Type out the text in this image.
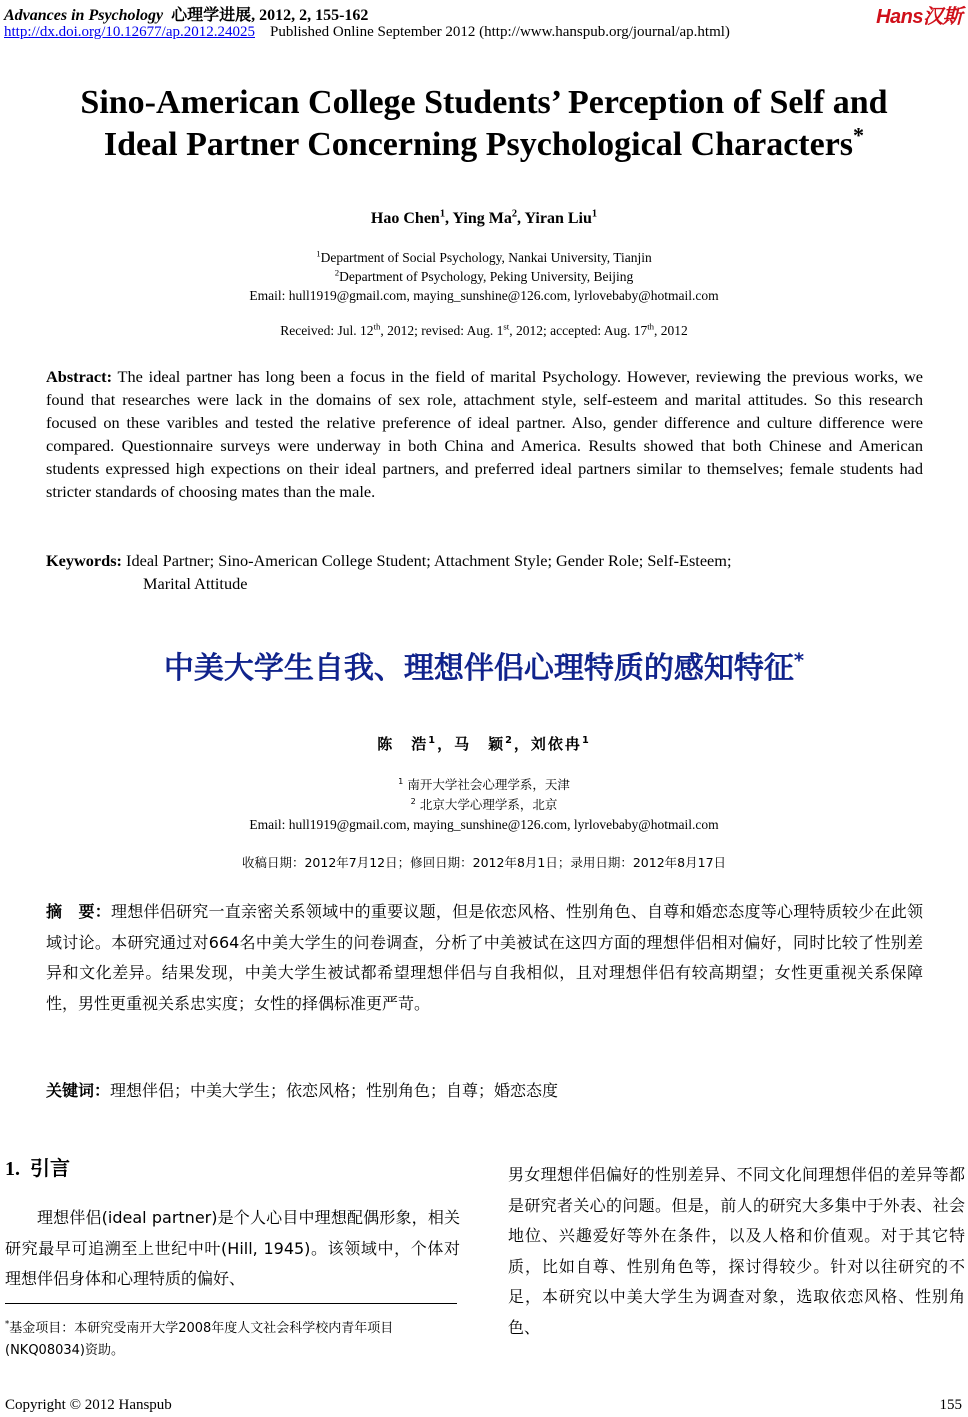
Advances in Psychology 心理学进展, 2012, 2, 155-162	Hans汉斯
http://dx.doi.org/10.12677/ap.2012.24025 Published Online September 2012 (http://www.hanspub.org/journal/ap.html)
Sino-American College Students’ Perception of Self and
Ideal Partner Concerning Psychological Characters*
Hao Chen$^1$, Ying Ma$^2$, Yiran Liu$^1$
$^1$Department of Social Psychology, Nankai University, Tianjin
$^2$Department of Psychology, Peking University, Beijing
Email: hull1919@gmail.com, maying_sunshine@126.com, lyrlovebaby@hotmail.com
Received: Jul. 12th, 2012; revised: Aug. 1st, 2012; accepted: Aug. 17th, 2012
Abstract: The ideal partner has long been a focus in the field of marital Psychology. However, reviewing the previous works, we found that researches were lack in the domains of sex role, attachment style, self-esteem and marital attitudes. So this research focused on these varibles and tested the relative preference of ideal partner. Also, gender difference and culture difference were compared. Questionnaire surveys were underway in both China and America. Results showed that both Chinese and American students expressed high expections on their ideal partners, and preferred ideal partners similar to themselves; female students had stricter standards of choosing mates than the male.
Keywords: Ideal Partner; Sino-American College Student; Attachment Style; Gender Role; Self-Esteem;
Marital Attitude
中美大学生自我、理想伴侣心理特质的感知特征*
陈　浩$^1$，马　颖$^2$，刘依冉$^1$
$^1$ 南开大学社会心理学系，天津
$^2$ 北京大学心理学系，北京
Email: hull1919@gmail.com, maying_sunshine@126.com, lyrlovebaby@hotmail.com
收稿日期：2012年7月12日；修回日期：2012年8月1日；录用日期：2012年8月17日
摘　要：理想伴侣研究一直亲密关系领域中的重要议题，但是依恋风格、性别角色、自尊和婚恋态度等心理特质较少在此领域讨论。本研究通过对664名中美大学生的问卷调查，分析了中美被试在这四方面的理想伴侣相对偏好，同时比较了性别差异和文化差异。结果发现，中美大学生被试都希望理想伴侣与自我相似，且对理想伴侣有较高期望；女性更重视关系保障性，男性更重视关系忠实度；女性的择偶标准更严苛。
关键词：理想伴侣；中美大学生；依恋风格；性别角色；自尊；婚恋态度
1. 引言
理想伴侣(ideal partner)是个人心目中理想配偶形象，相关研究最早可追溯至上世纪中叶(Hill, 1945)。该领域中，个体对理想伴侣身体和心理特质的偏好、
男女理想伴侣偏好的性别差异、不同文化间理想伴侣的差异等都是研究者关心的问题。但是，前人的研究大多集中于外表、社会地位、兴趣爱好等外在条件，以及人格和价值观。对于其它特质，比如自尊、性别角色等，探讨得较少。针对以往研究的不足，本研究以中美大学生为调查对象，选取依恋风格、性别角色、
*基金项目：本研究受南开大学2008年度人文社会科学校内青年项目(NKQ08034)资助。
Copyright © 2012 Hanspub	155
